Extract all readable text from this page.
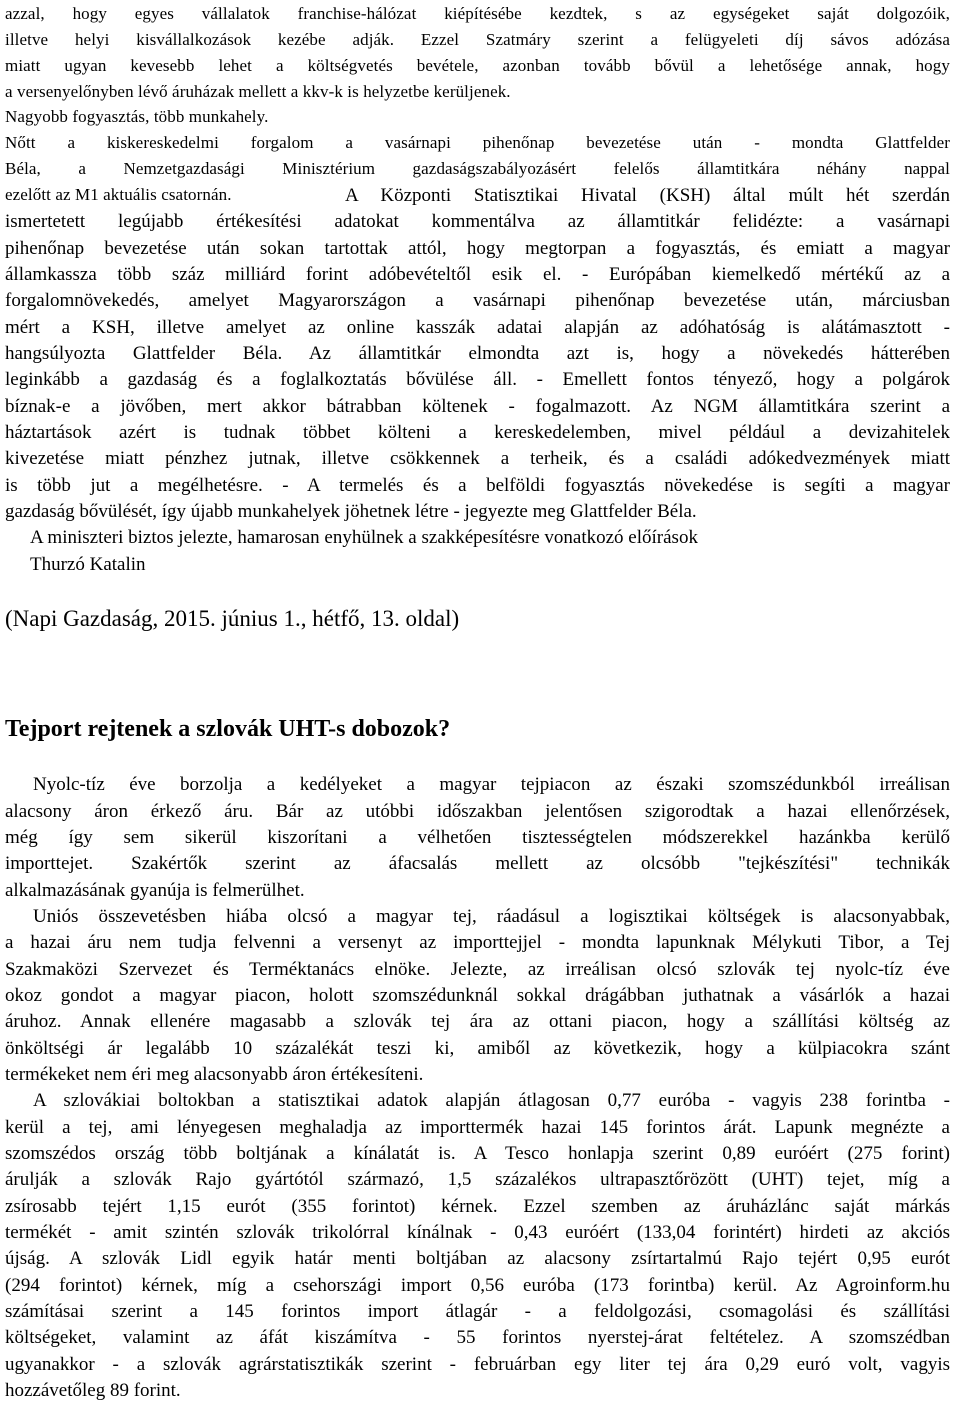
azzal, hogy egyes vállalatok franchise-hálózat kiépítésébe kezdtek, s az egységeket saját dolgozóik,
illetve helyi kisvállalkozások kezébe adják. Ezzel Szatmáry szerint a felügyeleti díj sávos adózása
miatt ugyan kevesebb lehet a költségvetés bevétele, azonban tovább bővül a lehetősége annak, hogy
a versenyelőnyben lévő áruházak mellett a kkv-k is helyzetbe kerüljenek.
Nagyobb fogyasztás, több munkahely.
Nőtt a kiskereskedelmi forgalom a vasárnapi pihenőnap bevezetése után - mondta Glattfelder
Béla, a Nemzetgazdasági Minisztérium gazdaságszabályozásért felelős államtitkára néhány nappal
ezelőtt az M1 aktuális csatornán.	A Központi Statisztikai Hivatal (KSH) által múlt hét szerdán
ismertetett legújabb értékesítési adatokat kommentálva az államtitkár felidézte: a vasárnapi
pihenőnap bevezetése után sokan tartottak attól, hogy megtorpan a fogyasztás, és emiatt a magyar
államkassza több száz milliárd forint adóbevételtől esik el. - Európában kiemelkedő mértékű az a
forgalomnövekedés, amelyet Magyarországon a vasárnapi pihenőnap bevezetése után, márciusban
mért a KSH, illetve amelyet az online kasszák adatai alapján az adóhatóság is alátámasztott -
hangsúlyozta Glattfelder Béla. Az államtitkár elmondta azt is, hogy a növekedés hátterében
leginkább a gazdaság és a foglalkoztatás bővülése áll. - Emellett fontos tényező, hogy a polgárok
bíznak-e a jövőben, mert akkor bátrabban költenek - fogalmazott. Az NGM államtitkára szerint a
háztartások azért is tudnak többet költeni a kereskedelemben, mivel például a devizahitelek
kivezetése miatt pénzhez jutnak, illetve csökkennek a terheik, és a családi adókedvezmények miatt
is több jut a megélhetésre. - A termelés és a belföldi fogyasztás növekedése is segíti a magyar
gazdaság bővülését, így újabb munkahelyek jöhetnek létre - jegyezte meg Glattfelder Béla.
A miniszteri biztos jelezte, hamarosan enyhülnek a szakképesítésre vonatkozó előírások
Thurzó Katalin
(Napi Gazdaság, 2015. június 1., hétfő, 13. oldal)
Tejport rejtenek a szlovák UHT-s dobozok?
Nyolc-tíz éve borzolja a kedélyeket a magyar tejpiacon az északi szomszédunkból irreálisan
alacsony áron érkező áru. Bár az utóbbi időszakban jelentősen szigorodtak a hazai ellenőrzések,
még így sem sikerül kiszorítani a vélhetően tisztességtelen módszerekkel hazánkba kerülő
importtejet. Szakértők szerint az áfacsalás mellett az olcsóbb "tejkészítési" technikák
alkalmazásának gyanúja is felmerülhet.
Uniós összevetésben hiába olcsó a magyar tej, ráadásul a logisztikai költségek is alacsonyabbak,
a hazai áru nem tudja felvenni a versenyt az importtejjel - mondta lapunknak Mélykuti Tibor, a Tej
Szakmaközi Szervezet és Terméktanács elnöke. Jelezte, az irreálisan olcsó szlovák tej nyolc-tíz éve
okoz gondot a magyar piacon, holott szomszédunknál sokkal drágábban juthatnak a vásárlók a hazai
áruhoz. Annak ellenére magasabb a szlovák tej ára az ottani piacon, hogy a szállítási költség az
önköltségi ár legalább 10 százalékát teszi ki, amiből az következik, hogy a külpiacokra szánt
termékeket nem éri meg alacsonyabb áron értékesíteni.
A szlovákiai boltokban a statisztikai adatok alapján átlagosan 0,77 euróba - vagyis 238 forintba -
kerül a tej, ami lényegesen meghaladja az importtermék hazai 145 forintos árát. Lapunk megnézte a
szomszédos ország több boltjának a kínálatát is. A Tesco honlapja szerint 0,89 euróért (275 forint)
árulják a szlovák Rajo gyártótól származó, 1,5 százalékos ultrapasztőrözött (UHT) tejet, míg a
zsírosabb tejért 1,15 eurót (355 forintot) kérnek. Ezzel szemben az áruházlánc saját márkás
termékét - amit szintén szlovák trikolórral kínálnak - 0,43 euróért (133,04 forintért) hirdeti az akciós
újság. A szlovák Lidl egyik határ menti boltjában az alacsony zsírtartalmú Rajo tejért 0,95 eurót
(294 forintot) kérnek, míg a csehországi import 0,56 euróba (173 forintba) kerül. Az Agroinform.hu
számításai szerint a 145 forintos import átlagár - a feldolgozási, csomagolási és szállítási
költségeket, valamint az áfát kiszámítva - 55 forintos nyerstej-árat feltételez. A szomszédban
ugyanakkor - a szlovák agrárstatisztikák szerint - februárban egy liter tej ára 0,29 euró volt, vagyis
hozzávetőleg 89 forint.
